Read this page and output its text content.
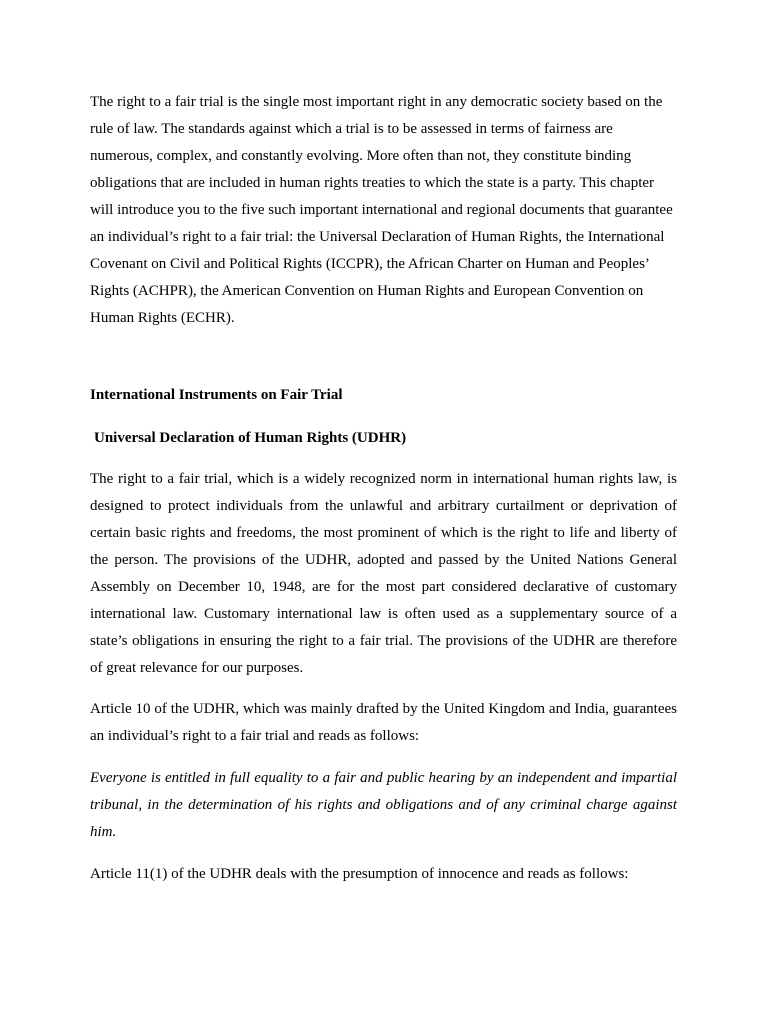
The right to a fair trial is the single most important right in any democratic society based on the rule of law. The standards against which a trial is to be assessed in terms of fairness are numerous, complex, and constantly evolving. More often than not, they constitute binding obligations that are included in human rights treaties to which the state is a party. This chapter will introduce you to the five such important international and regional documents that guarantee an individual’s right to a fair trial: the Universal Declaration of Human Rights, the International Covenant on Civil and Political Rights (ICCPR), the African Charter on Human and Peoples’ Rights (ACHPR), the American Convention on Human Rights and European Convention on Human Rights (ECHR).

International Instruments on Fair Trial

Universal Declaration of Human Rights (UDHR)

The right to a fair trial, which is a widely recognized norm in international human rights law, is designed to protect individuals from the unlawful and arbitrary curtailment or deprivation of certain basic rights and freedoms, the most prominent of which is the right to life and liberty of the person. The provisions of the UDHR, adopted and passed by the United Nations General Assembly on December 10, 1948, are for the most part considered declarative of customary international law. Customary international law is often used as a supplementary source of a state’s obligations in ensuring the right to a fair trial. The provisions of the UDHR are therefore of great relevance for our purposes.

Article 10 of the UDHR, which was mainly drafted by the United Kingdom and India, guarantees an individual’s right to a fair trial and reads as follows:

Everyone is entitled in full equality to a fair and public hearing by an independent and impartial tribunal, in the determination of his rights and obligations and of any criminal charge against him.

Article 11(1) of the UDHR deals with the presumption of innocence and reads as follows:
